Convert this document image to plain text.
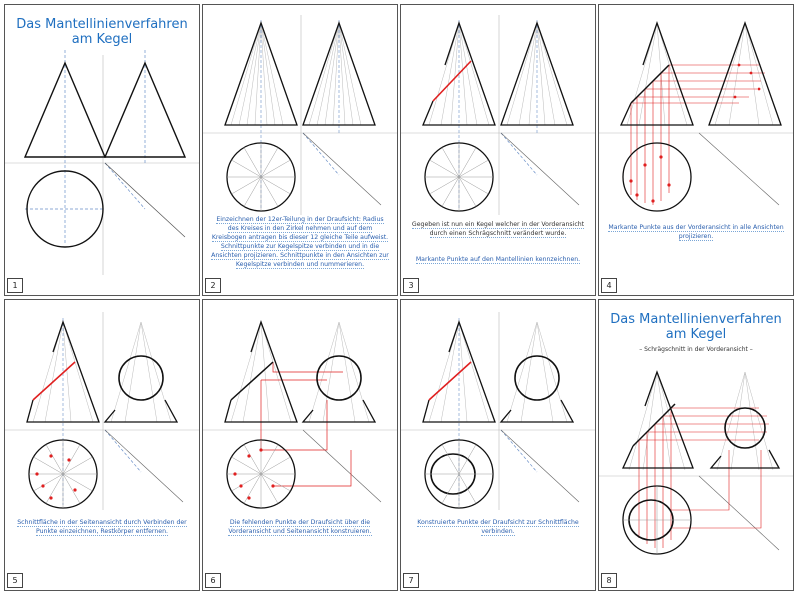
Das Mantellinienverfahren
am Kegel
1
Einzeichnen der 12er-Teilung in der Draufsicht: Radius des Kreises in den Zirkel nehmen und auf dem Kreisbogen antragen bis dieser 12 gleiche Teile aufweist. Schnittpunkte zur Kegelspitze verbinden und in die Ansichten projizieren. Schnittpunkte in den Ansichten zur Kegelspitze verbinden und nummerieren.
2
Gegeben ist nun ein Kegel welcher in der Vorderansicht durch einen Schrägschnitt verändert wurde.
Markante Punkte auf den Mantellinien kennzeichnen.
3
Markante Punkte aus der Vorderansicht in alle Ansichten projizieren.
4
Schnittfläche in der Seitenansicht durch Verbinden der Punkte einzeichnen, Restkörper entfernen.
5
Die fehlenden Punkte der Draufsicht über die Vorderansicht und Seitenansicht konstruieren.
6
Konstruierte Punkte der Draufsicht zur Schnittfläche verbinden.
7
Das Mantellinienverfahren
am Kegel
– Schrägschnitt in der Vorderansicht –
8
